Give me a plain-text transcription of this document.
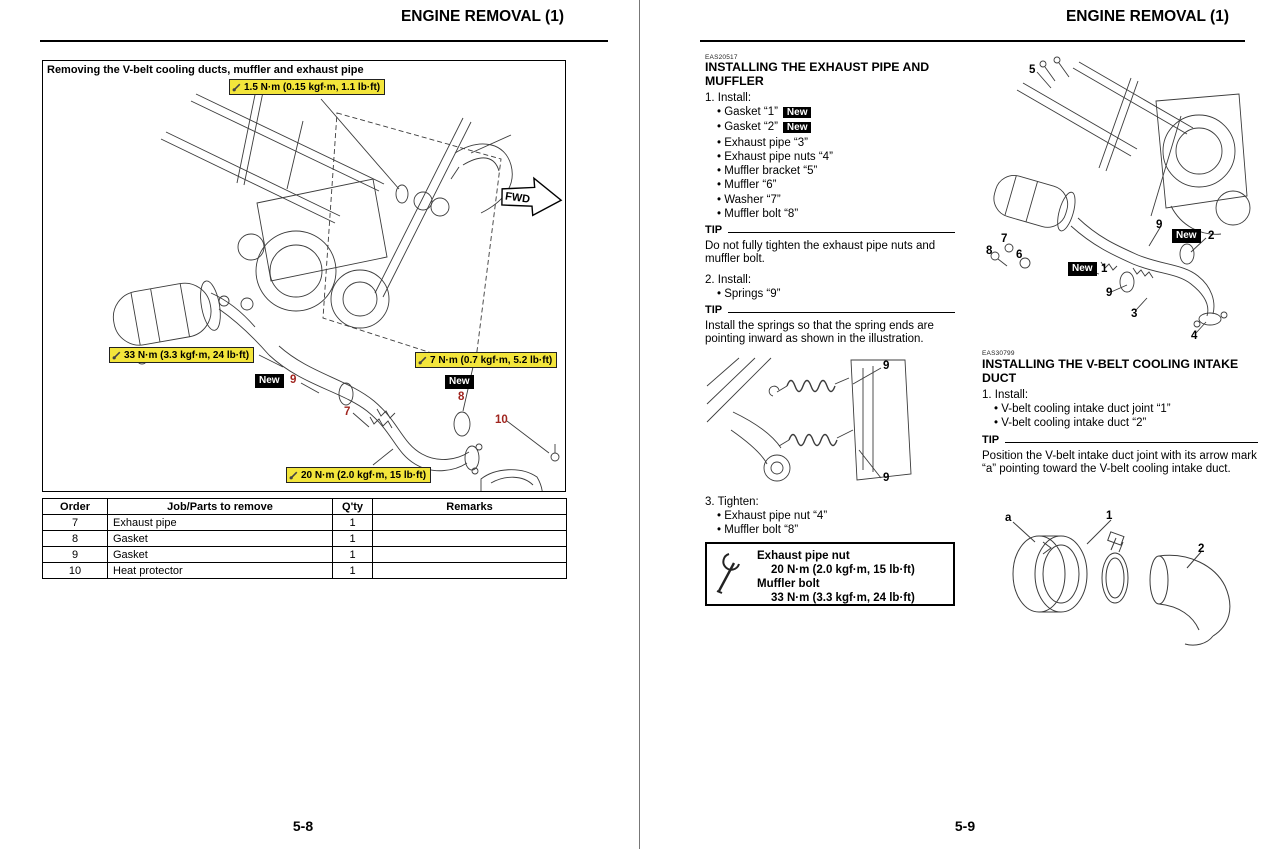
ENGINE REMOVAL (1)
FWD
Removing the V-belt cooling ducts, muffler and exhaust pipe
1.5 N·m (0.15 kgf·m, 1.1 lb·ft)
33 N·m (3.3 kgf·m, 24 lb·ft)	7 N·m (0.7 kgf·m, 5.2 lb·ft)
20 N·m (2.0 kgf·m, 15 lb·ft)
New 9	New
8
7
10
Order	Job/Parts to remove	Q'ty	Remarks
7	Exhaust pipe	1	
8	Gasket	1	
9	Gasket	1	
10	Heat protector	1	
5-8
ENGINE REMOVAL (1)
EAS20517
INSTALLING THE EXHAUST PIPE AND MUFFLER
1. Install:
• Gasket “1” New
• Gasket “2” New
• Exhaust pipe “3”
• Exhaust pipe nuts “4”
• Muffler bracket “5”
• Muffler “6”
• Washer “7”
• Muffler bolt “8”
TIP
Do not fully tighten the exhaust pipe nuts and muffler bolt.
2. Install:
• Springs “9”
TIP
Install the springs so that the spring ends are pointing inward as shown in the illustration.
9
9
3. Tighten:
• Exhaust pipe nut “4”
• Muffler bolt “8”
Exhaust pipe nut
20 N·m (2.0 kgf·m, 15 lb·ft)
Muffler bolt
33 N·m (3.3 kgf·m, 24 lb·ft)
5
9
New 2
8
7
6
New 1
9
3
4
EAS30799
INSTALLING THE V-BELT COOLING INTAKE DUCT
1. Install:
• V-belt cooling intake duct joint “1”
• V-belt cooling intake duct “2”
TIP
Position the V-belt intake duct joint with its arrow mark “a” pointing toward the V-belt cooling intake duct.
a	1
2
5-9
